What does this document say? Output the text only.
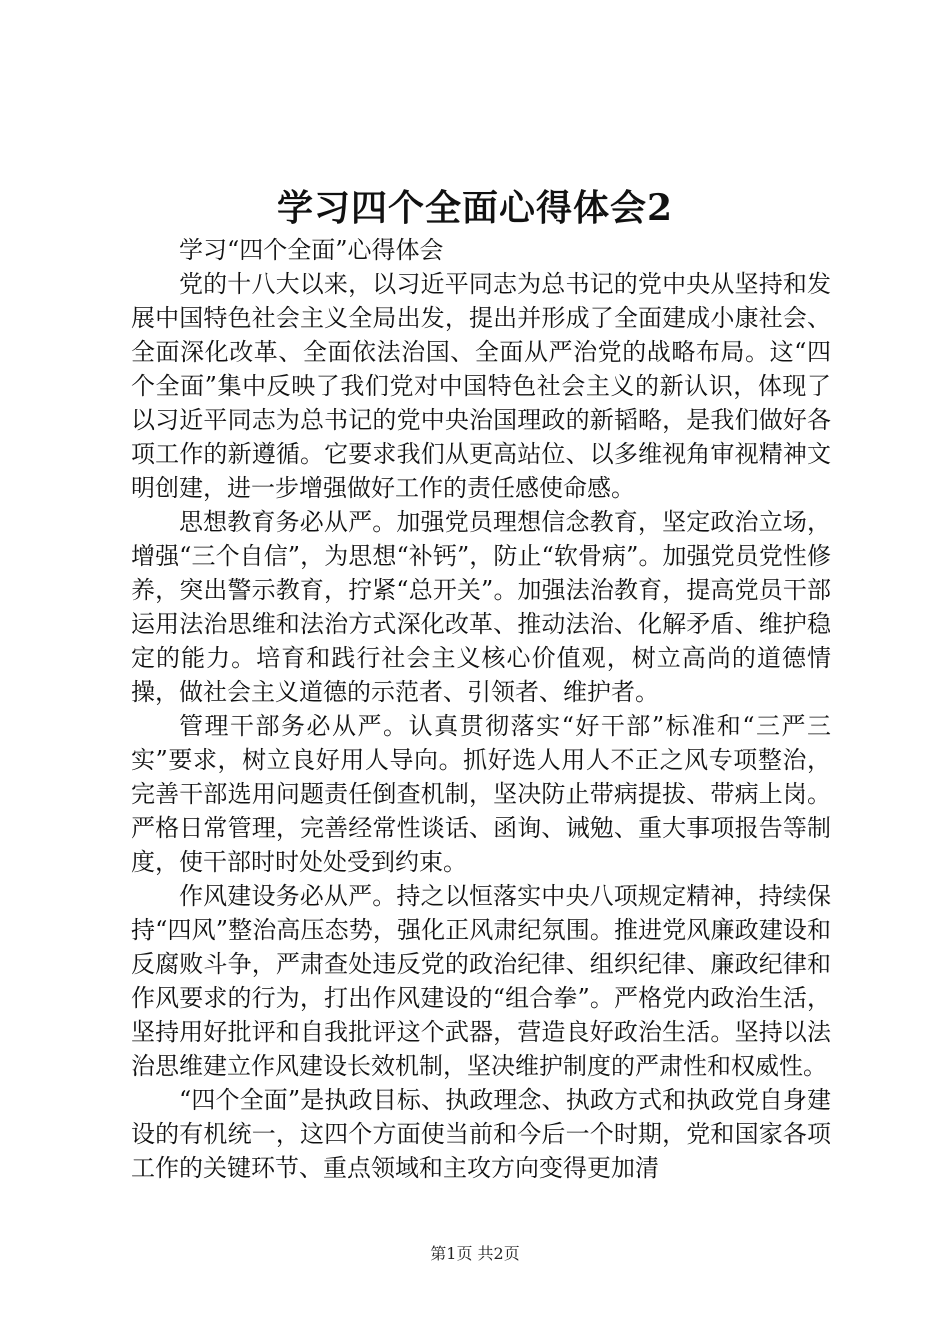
学习四个全面心得体会2

学习“四个全面”心得体会

党的十八大以来，以习近平同志为总书记的党中央从坚持和发展中国特色社会主义全局出发，提出并形成了全面建成小康社会、全面深化改革、全面依法治国、全面从严治党的战略布局。这“四个全面”集中反映了我们党对中国特色社会主义的新认识，体现了以习近平同志为总书记的党中央治国理政的新韬略，是我们做好各项工作的新遵循。它要求我们从更高站位、以多维视角审视精神文明创建，进一步增强做好工作的责任感使命感。

思想教育务必从严。加强党员理想信念教育，坚定政治立场，增强“三个自信”，为思想“补钙”，防止“软骨病”。加强党员党性修养，突出警示教育，拧紧“总开关”。加强法治教育，提高党员干部运用法治思维和法治方式深化改革、推动法治、化解矛盾、维护稳定的能力。培育和践行社会主义核心价值观，树立高尚的道德情操，做社会主义道德的示范者、引领者、维护者。

管理干部务必从严。认真贯彻落实“好干部”标准和“三严三实”要求，树立良好用人导向。抓好选人用人不正之风专项整治，完善干部选用问题责任倒查机制，坚决防止带病提拔、带病上岗。严格日常管理，完善经常性谈话、函询、诫勉、重大事项报告等制度，使干部时时处处受到约束。

作风建设务必从严。持之以恒落实中央八项规定精神，持续保持“四风”整治高压态势，强化正风肃纪氛围。推进党风廉政建设和反腐败斗争，严肃查处违反党的政治纪律、组织纪律、廉政纪律和作风要求的行为，打出作风建设的“组合拳”。严格党内政治生活，坚持用好批评和自我批评这个武器，营造良好政治生活。坚持以法治思维建立作风建设长效机制，坚决维护制度的严肃性和权威性。

“四个全面”是执政目标、执政理念、执政方式和执政党自身建设的有机统一，这四个方面使当前和今后一个时期，党和国家各项工作的关键环节、重点领域和主攻方向变得更加清

第1页 共2页
